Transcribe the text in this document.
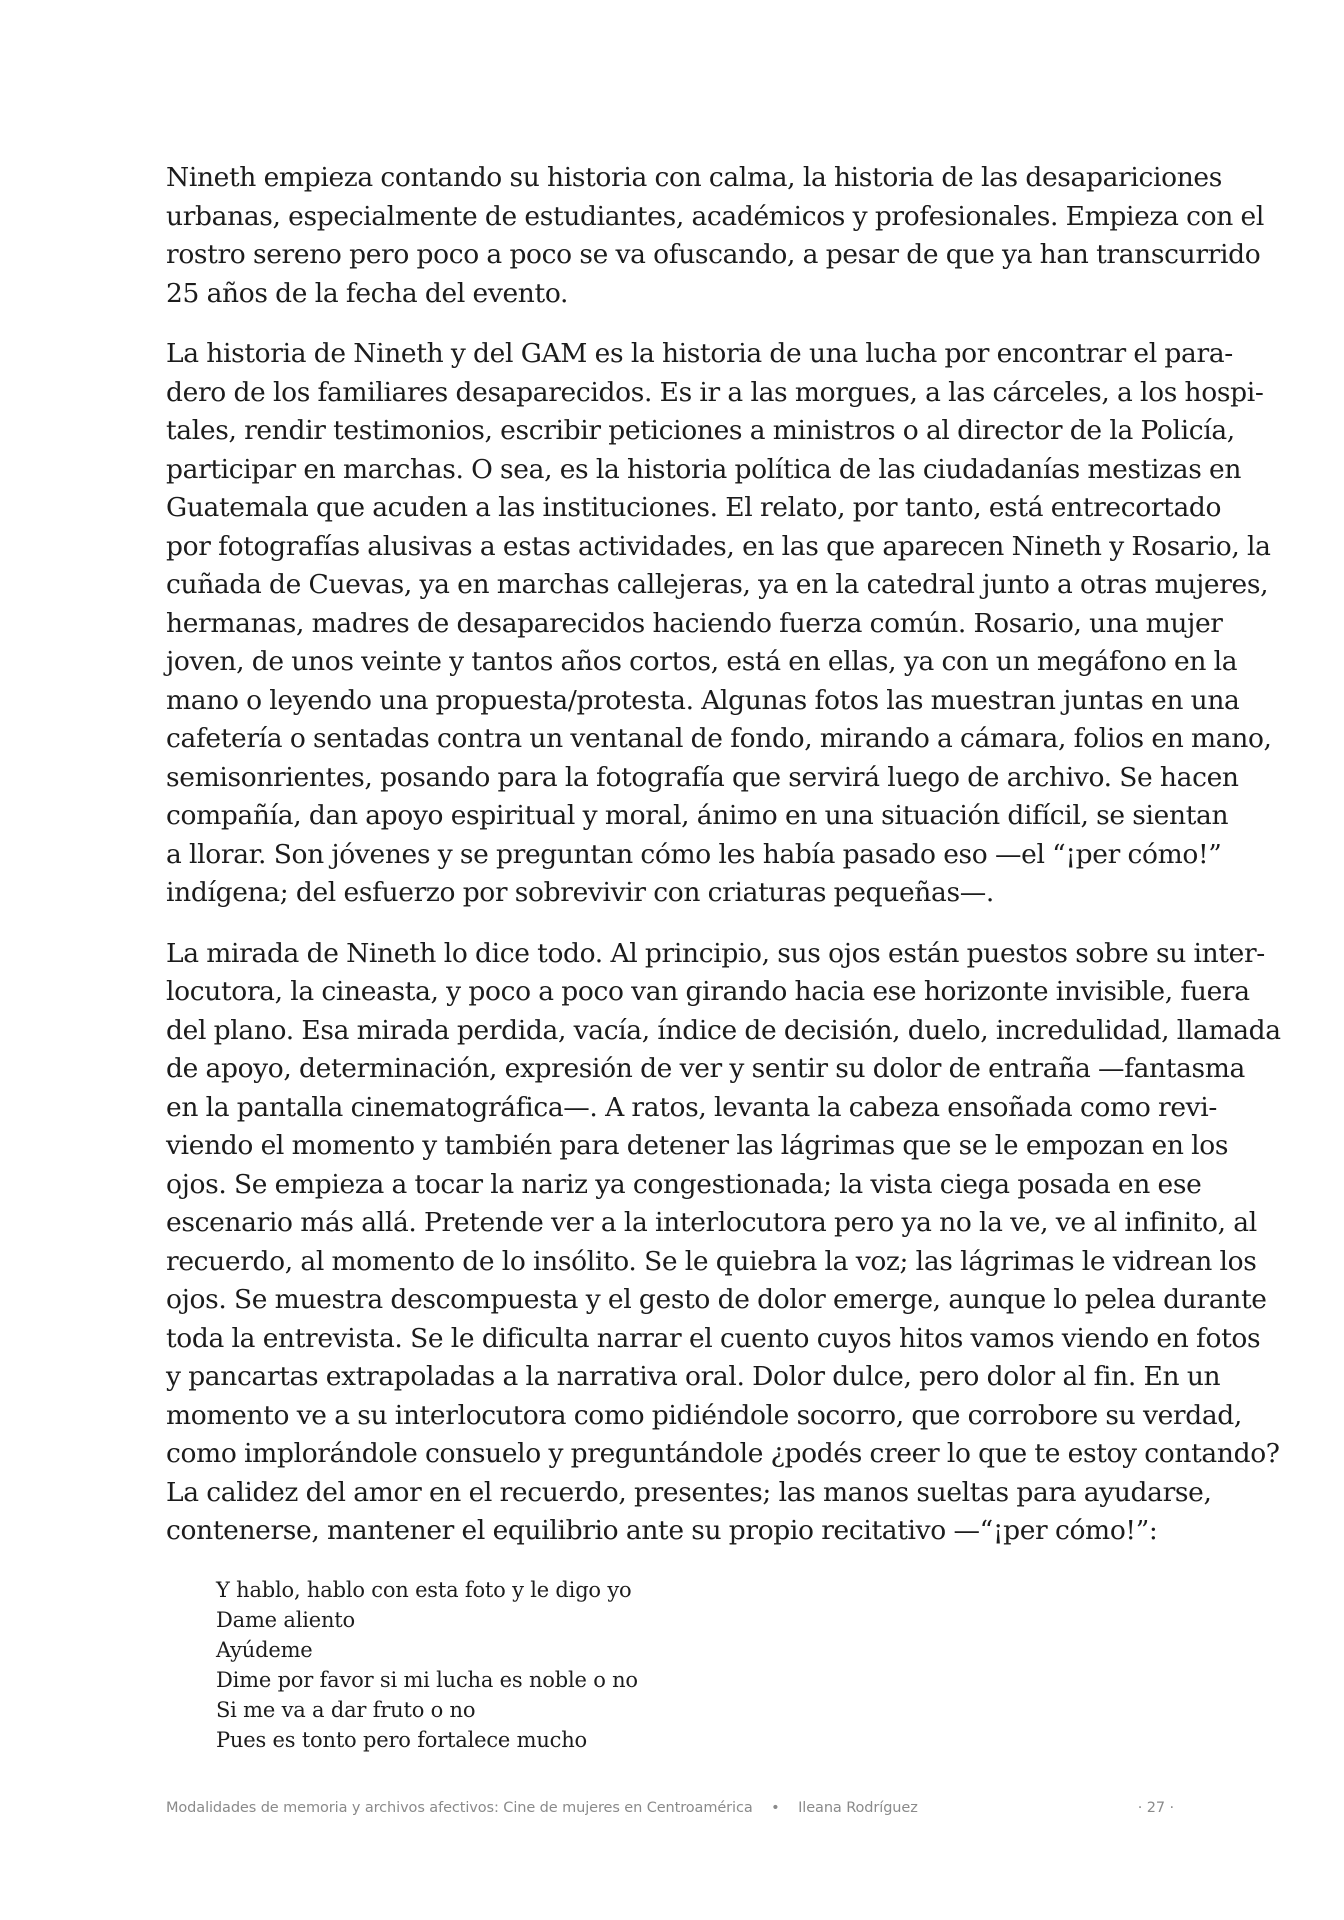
Nineth empieza contando su historia con calma, la historia de las desapariciones
urbanas, especialmente de estudiantes, académicos y profesionales. Empieza con el
rostro sereno pero poco a poco se va ofuscando, a pesar de que ya han transcurrido
25 años de la fecha del evento.

La historia de Nineth y del GAM es la historia de una lucha por encontrar el para-
dero de los familiares desaparecidos. Es ir a las morgues, a las cárceles, a los hospi-
tales, rendir testimonios, escribir peticiones a ministros o al director de la Policía,
participar en marchas. O sea, es la historia política de las ciudadanías mestizas en
Guatemala que acuden a las instituciones. El relato, por tanto, está entrecortado
por fotografías alusivas a estas actividades, en las que aparecen Nineth y Rosario, la
cuñada de Cuevas, ya en marchas callejeras, ya en la catedral junto a otras mujeres,
hermanas, madres de desaparecidos haciendo fuerza común. Rosario, una mujer
joven, de unos veinte y tantos años cortos, está en ellas, ya con un megáfono en la
mano o leyendo una propuesta/protesta. Algunas fotos las muestran juntas en una
cafetería o sentadas contra un ventanal de fondo, mirando a cámara, folios en mano,
semisonrientes, posando para la fotografía que servirá luego de archivo. Se hacen
compañía, dan apoyo espiritual y moral, ánimo en una situación difícil, se sientan
a llorar. Son jóvenes y se preguntan cómo les había pasado eso —el “¡per cómo!”
indígena; del esfuerzo por sobrevivir con criaturas pequeñas—.

La mirada de Nineth lo dice todo. Al principio, sus ojos están puestos sobre su inter-
locutora, la cineasta, y poco a poco van girando hacia ese horizonte invisible, fuera
del plano. Esa mirada perdida, vacía, índice de decisión, duelo, incredulidad, llamada
de apoyo, determinación, expresión de ver y sentir su dolor de entraña —fantasma
en la pantalla cinematográfica—. A ratos, levanta la cabeza ensoñada como revi-
viendo el momento y también para detener las lágrimas que se le empozan en los
ojos. Se empieza a tocar la nariz ya congestionada; la vista ciega posada en ese
escenario más allá. Pretende ver a la interlocutora pero ya no la ve, ve al infinito, al
recuerdo, al momento de lo insólito. Se le quiebra la voz; las lágrimas le vidrean los
ojos. Se muestra descompuesta y el gesto de dolor emerge, aunque lo pelea durante
toda la entrevista. Se le dificulta narrar el cuento cuyos hitos vamos viendo en fotos
y pancartas extrapoladas a la narrativa oral. Dolor dulce, pero dolor al fin. En un
momento ve a su interlocutora como pidiéndole socorro, que corrobore su verdad,
como implorándole consuelo y preguntándole ¿podés creer lo que te estoy contando?
La calidez del amor en el recuerdo, presentes; las manos sueltas para ayudarse,
contenerse, mantener el equilibrio ante su propio recitativo —“¡per cómo!”:

Y hablo, hablo con esta foto y le digo yo
Dame aliento
Ayúdeme
Dime por favor si mi lucha es noble o no
Si me va a dar fruto o no
Pues es tonto pero fortalece mucho
Modalidades de memoria y archivos afectivos: Cine de mujeres en Centroamérica • Ileana Rodríguez	· 27 ·
